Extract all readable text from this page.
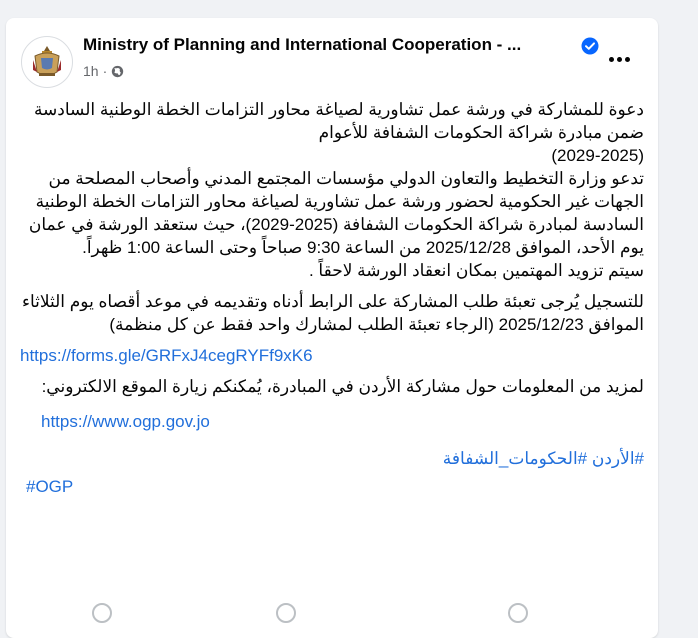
Ministry of Planning and International Cooperation - ...
1h ·

دعوة للمشاركة في ورشة عمل تشاورية لصياغة محاور التزامات الخطة الوطنية السادسة ضمن مبادرة شراكة الحكومات الشفافة للأعوام

(2029-2025)

تدعو وزارة التخطيط والتعاون الدولي مؤسسات المجتمع المدني وأصحاب المصلحة من الجهات غير الحكومية لحضور ورشة عمل تشاورية لصياغة محاور التزامات الخطة الوطنية السادسة لمبادرة شراكة الحكومات الشفافة (2025-2029)، حيث ستعقد الورشة في عمان يوم الأحد، الموافق 2025/12/28 من الساعة 9:30 صباحاً وحتى الساعة 1:00 ظهراً.

سيتم تزويد المهتمين بمكان انعقاد الورشة لاحقاً .

للتسجيل يُرجى تعبئة طلب المشاركة على الرابط أدناه وتقديمه في موعد أقصاه يوم الثلاثاء الموافق 2025/12/23 (الرجاء تعبئة الطلب لمشارك واحد فقط عن كل منظمة)

https://forms.gle/GRFxJ4cegRYFf9xK6

لمزيد من المعلومات حول مشاركة الأردن في المبادرة، يُمكنكم زيارة الموقع الالكتروني:

https://www.ogp.gov.jo

#الأردن #الحكومات_الشفافة

#OGP
